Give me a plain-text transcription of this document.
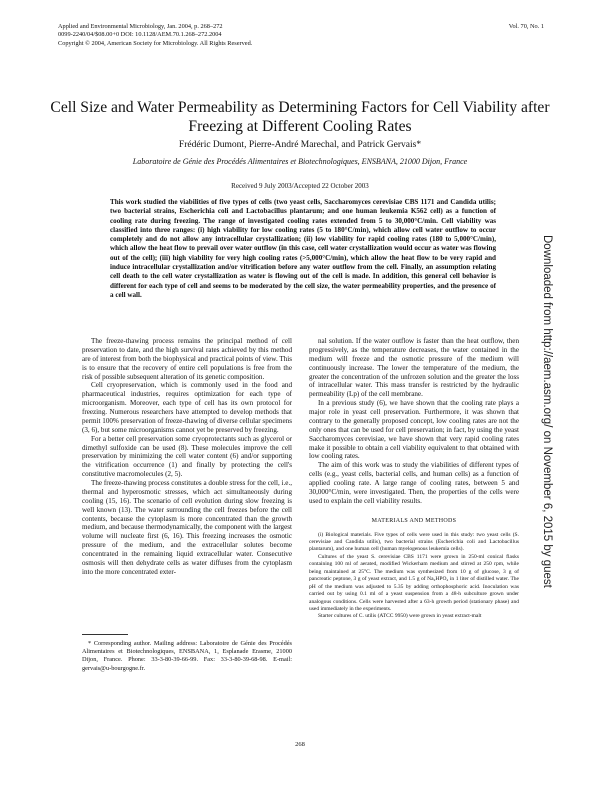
Applied and Environmental Microbiology, Jan. 2004, p. 268–272
0099-2240/04/$08.00+0 DOI: 10.1128/AEM.70.1.268–272.2004
Copyright © 2004, American Society for Microbiology. All Rights Reserved.
Vol. 70, No. 1
Cell Size and Water Permeability as Determining Factors for Cell Viability after Freezing at Different Cooling Rates
Frédéric Dumont, Pierre-André Marechal, and Patrick Gervais*
Laboratoire de Génie des Procédés Alimentaires et Biotechnologiques, ENSBANA, 21000 Dijon, France
Received 9 July 2003/Accepted 22 October 2003
This work studied the viabilities of five types of cells (two yeast cells, Saccharomyces cerevisiae CBS 1171 and Candida utilis; two bacterial strains, Escherichia coli and Lactobacillus plantarum; and one human leukemia K562 cell) as a function of cooling rate during freezing. The range of investigated cooling rates extended from 5 to 30,000°C/min. Cell viability was classified into three ranges: (i) high viability for low cooling rates (5 to 180°C/min), which allow cell water outflow to occur completely and do not allow any intracellular crystallization; (ii) low viability for rapid cooling rates (180 to 5,000°C/min), which allow the heat flow to prevail over water outflow (in this case, cell water crystallization would occur as water was flowing out of the cell); (iii) high viability for very high cooling rates (>5,000°C/min), which allow the heat flow to be very rapid and induce intracellular crystallization and/or vitrification before any water outflow from the cell. Finally, an assumption relating cell death to the cell water crystallization as water is flowing out of the cell is made. In addition, this general cell behavior is different for each type of cell and seems to be moderated by the cell size, the water permeability properties, and the presence of a cell wall.

The freeze-thawing process remains the principal method of cell preservation to date, and the high survival rates achieved by this method are of interest from both the biophysical and practical points of view. This is to ensure that the recovery of entire cell populations is free from the risk of possible subsequent alteration of its genetic composition.

Cell cryopreservation, which is commonly used in the food and pharmaceutical industries, requires optimization for each type of microorganism. Moreover, each type of cell has its own protocol for freezing. Numerous researchers have attempted to develop methods that permit 100% preservation of freeze-thawing of diverse cellular specimens (3, 6), but some microorganisms cannot yet be preserved by freezing.

For a better cell preservation some cryoprotectants such as glycerol or dimethyl sulfoxide can be used (8). These molecules improve the cell preservation by minimizing the cell water content (6) and/or supporting the vitrification occurrence (1) and finally by protecting the cell's constitutive macromolecules (2, 5).

The freeze-thawing process constitutes a double stress for the cell, i.e., thermal and hyperosmotic stresses, which act simultaneously during cooling (15, 16). The scenario of cell evolution during slow freezing is well known (13). The water surrounding the cell freezes before the cell contents, because the cytoplasm is more concentrated than the growth medium, and because thermodynamically, the component with the largest volume will nucleate first (6, 16). This freezing increases the osmotic pressure of the medium, and the extracellular solutes become concentrated in the remaining liquid extracellular water. Consecutive osmosis will then dehydrate cells as water diffuses from the cytoplasm into the more concentrated exter-

nal solution. If the water outflow is faster than the heat outflow, then progressively, as the temperature decreases, the water contained in the medium will freeze and the osmotic pressure of the medium will continuously increase. The lower the temperature of the medium, the greater the concentration of the unfrozen solution and the greater the loss of intracellular water. This mass transfer is restricted by the hydraulic permeability (Lp) of the cell membrane.

In a previous study (6), we have shown that the cooling rate plays a major role in yeast cell preservation. Furthermore, it was shown that contrary to the generally proposed concept, low cooling rates are not the only ones that can be used for cell preservation; in fact, by using the yeast Saccharomyces cerevisiae, we have shown that very rapid cooling rates make it possible to obtain a cell viability equivalent to that obtained with low cooling rates.

The aim of this work was to study the viabilities of different types of cells (e.g., yeast cells, bacterial cells, and human cells) as a function of applied cooling rate. A large range of cooling rates, between 5 and 30,000°C/min, were investigated. Then, the properties of the cells were used to explain the cell viability results.

MATERIALS AND METHODS

(i) Biological materials. Five types of cells were used in this study: two yeast cells (S. cerevisiae and Candida utilis), two bacterial strains (Escherichia coli and Lactobacillus plantarum), and one human cell (human myelogenous leukemia cells).

Cultures of the yeast S. cerevisiae CBS 1171 were grown in 250-ml conical flasks containing 100 ml of aerated, modified Wickerham medium and stirred at 250 rpm, while being maintained at 25°C. The medium was synthesized from 10 g of glucose, 3 g of pancreatic peptone, 3 g of yeast extract, and 1.5 g of Na₂HPO₄ in 1 liter of distilled water. The pH of the medium was adjusted to 5.35 by adding orthophosphoric acid. Inoculation was carried out by using 0.1 ml of a yeast suspension from a 48-h subculture grown under analogous conditions. Cells were harvested after a 63-h growth period (stationary phase) and used immediately in the experiments.

Starter cultures of C. utilis (ATCC 9950) were grown in yeast extract-malt

* Corresponding author. Mailing address: Laboratoire de Génie des Procédés Alimentaires et Biotechnologiques, ENSBANA, 1, Esplanade Erasme, 21000 Dijon, France. Phone: 33-3-80-39-66-99. Fax: 33-3-80-39-68-98. E-mail: gervais@u-bourgogne.fr.
268
Downloaded from http://aem.asm.org/ on November 6, 2015 by guest
